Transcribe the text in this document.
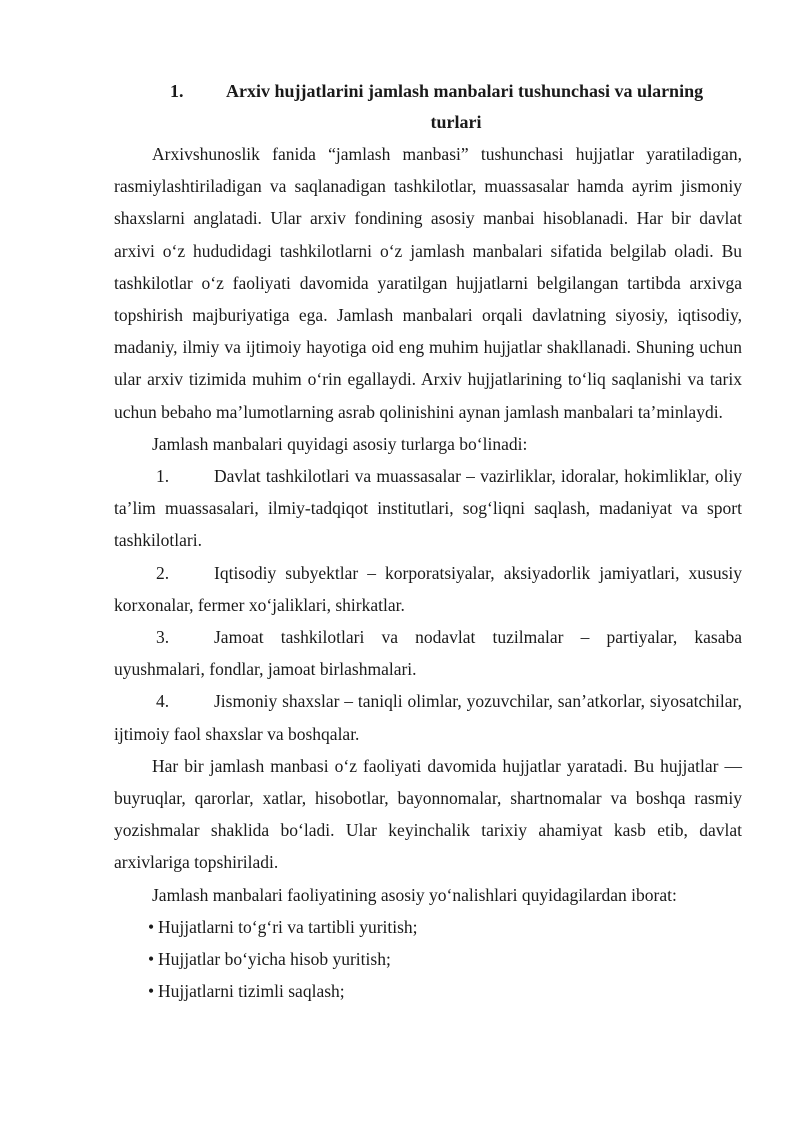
1.	Arxiv hujjatlarini jamlash manbalari tushunchasi va ularning
turlari

Arxivshunoslik fanida “jamlash manbasi” tushunchasi hujjatlar yaratiladigan, rasmiylashtiriladigan va saqlanadigan tashkilotlar, muassasalar hamda ayrim jismoniy shaxslarni anglatadi. Ular arxiv fondining asosiy manbai hisoblanadi. Har bir davlat arxivi o‘z hududidagi tashkilotlarni o‘z jamlash manbalari sifatida belgilab oladi. Bu tashkilotlar o‘z faoliyati davomida yaratilgan hujjatlarni belgilangan tartibda arxivga topshirish majburiyatiga ega. Jamlash manbalari orqali davlatning siyosiy, iqtisodiy, madaniy, ilmiy va ijtimoiy hayotiga oid eng muhim hujjatlar shakllanadi. Shuning uchun ular arxiv tizimida muhim o‘rin egallaydi. Arxiv hujjatlarining to‘liq saqlanishi va tarix uchun bebaho ma’lumotlarning asrab qolinishini aynan jamlash manbalari ta’minlaydi.

Jamlash manbalari quyidagi asosiy turlarga bo‘linadi:

1.	Davlat tashkilotlari va muassasalar – vazirliklar, idoralar, hokimliklar, oliy ta’lim muassasalari, ilmiy-tadqiqot institutlari, sog‘liqni saqlash, madaniyat va sport tashkilotlari.

2.	Iqtisodiy subyektlar – korporatsiyalar, aksiyadorlik jamiyatlari, xususiy korxonalar, fermer xo‘jaliklari, shirkatlar.

3.	Jamoat tashkilotlari va nodavlat tuzilmalar – partiyalar, kasaba uyushmalari, fondlar, jamoat birlashmalari.

4.	Jismoniy shaxslar – taniqli olimlar, yozuvchilar, san’atkorlar, siyosatchilar, ijtimoiy faol shaxslar va boshqalar.

Har bir jamlash manbasi o‘z faoliyati davomida hujjatlar yaratadi. Bu hujjatlar — buyruqlar, qarorlar, xatlar, hisobotlar, bayonnomalar, shartnomalar va boshqa rasmiy yozishmalar shaklida bo‘ladi. Ular keyinchalik tarixiy ahamiyat kasb etib, davlat arxivlariga topshiriladi.

Jamlash manbalari faoliyatining asosiy yo‘nalishlari quyidagilardan iborat:

• Hujjatlarni to‘g‘ri va tartibli yuritish;

• Hujjatlar bo‘yicha hisob yuritish;

• Hujjatlarni tizimli saqlash;
